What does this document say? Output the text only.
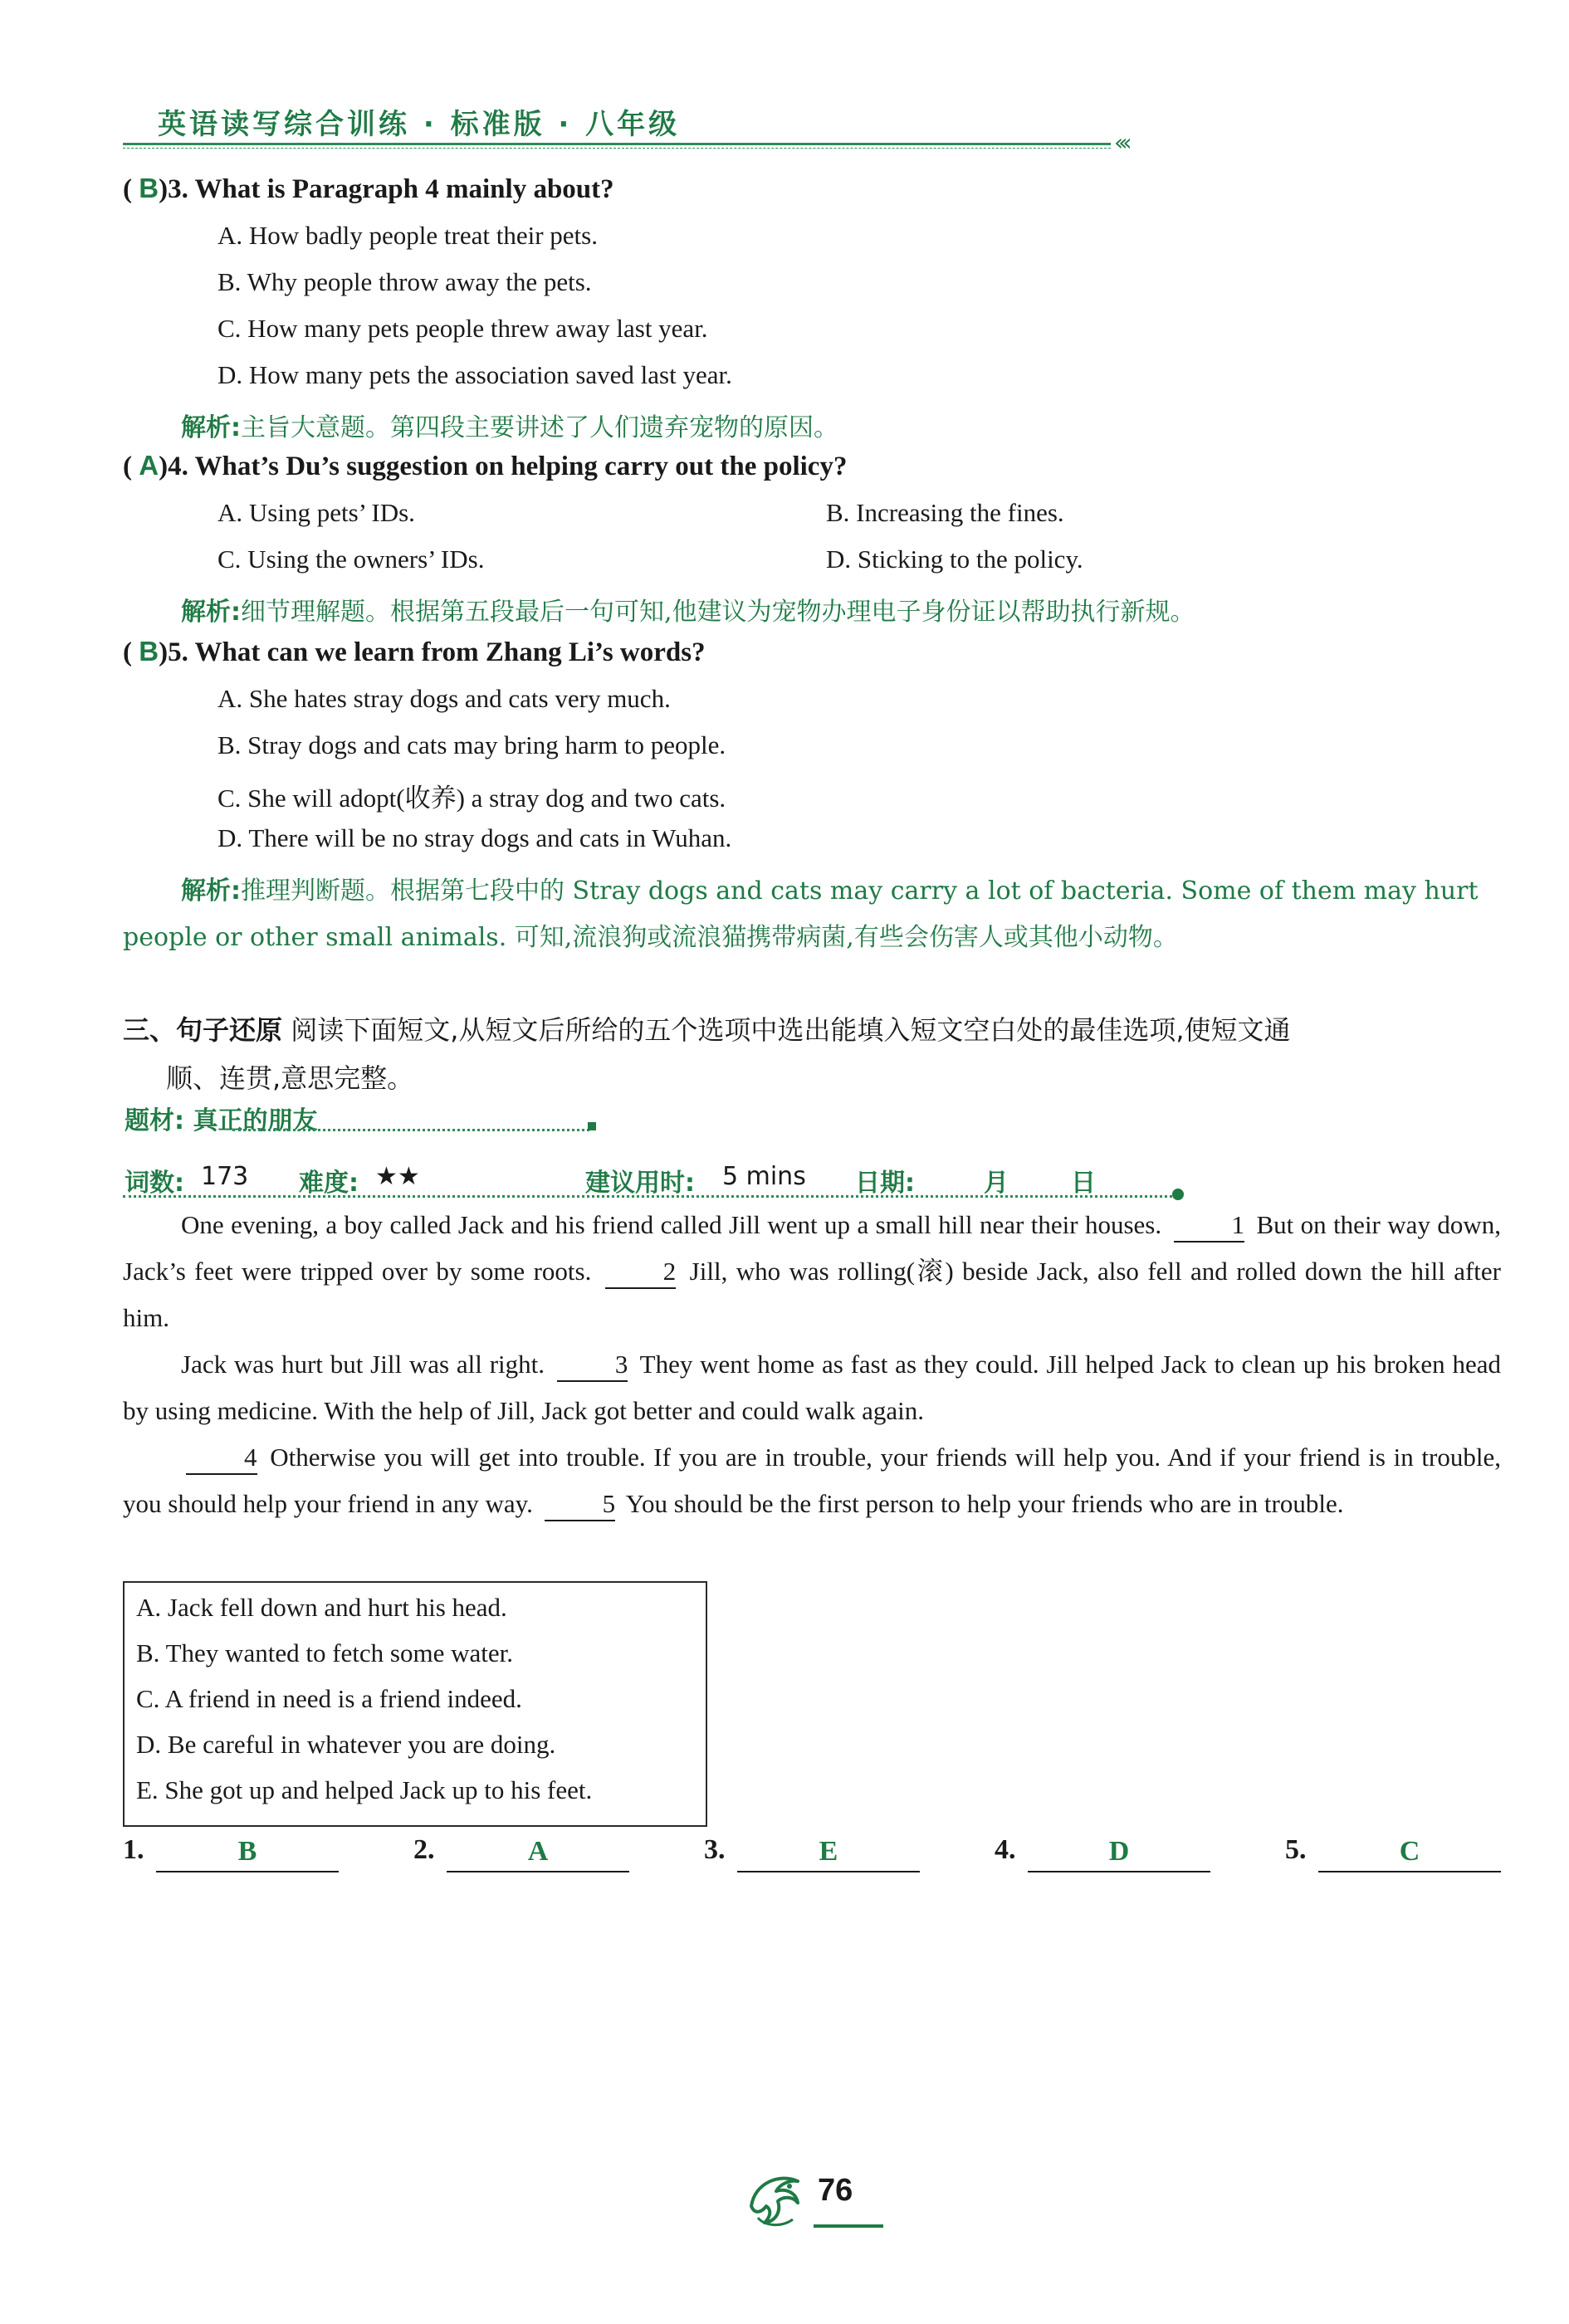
英语读写综合训练 · 标准版 · 八年级
‹‹‹
( B)3. What is Paragraph 4 mainly about?
A. How badly people treat their pets.
B. Why people throw away the pets.
C. How many pets people threw away last year.
D. How many pets the association saved last year.
解析:主旨大意题。第四段主要讲述了人们遗弃宠物的原因。
( A)4. What’s Du’s suggestion on helping carry out the policy?
A. Using pets’ IDs.	B. Increasing the fines.
C. Using the owners’ IDs.	D. Sticking to the policy.
解析:细节理解题。根据第五段最后一句可知,他建议为宠物办理电子身份证以帮助执行新规。
( B)5. What can we learn from Zhang Li’s words?
A. She hates stray dogs and cats very much.
B. Stray dogs and cats may bring harm to people.
C. She will adopt(收养) a stray dog and two cats.
D. There will be no stray dogs and cats in Wuhan.
解析:推理判断题。根据第七段中的 Stray dogs and cats may carry a lot of bacteria. Some of them may hurt
people or other small animals. 可知,流浪狗或流浪猫携带病菌,有些会伤害人或其他小动物。
三、句子还原 阅读下面短文,从短文后所给的五个选项中选出能填入短文空白处的最佳选项,使短文通
顺、连贯,意思完整。
题材: 真正的朋友
词数: 173 难度: ★★	建议用时: 5 mins 日期:	月	日

One evening, a boy called Jack and his friend called Jill went up a small hill near their houses.	1 But on their way down, Jack’s feet were tripped over by some roots.	2 Jill, who was rolling(滚) beside Jack, also fell and rolled down the hill after him.

Jack was hurt but Jill was all right.	3 They went home as fast as they could. Jill helped Jack to clean up his broken head by using medicine. With the help of Jill, Jack got better and could walk again.

4 Otherwise you will get into trouble. If you are in trouble, your friends will help you. And if your friend is in trouble, you should help your friend in any way.	5 You should be the first person to help your friends who are in trouble.

A. Jack fell down and hurt his head.
B. They wanted to fetch some water.
C. A friend in need is a friend indeed.
D. Be careful in whatever you are doing.
E. She got up and helped Jack up to his feet.
1.	B	2.	A	3.	E	4.	D	5.	C
76
